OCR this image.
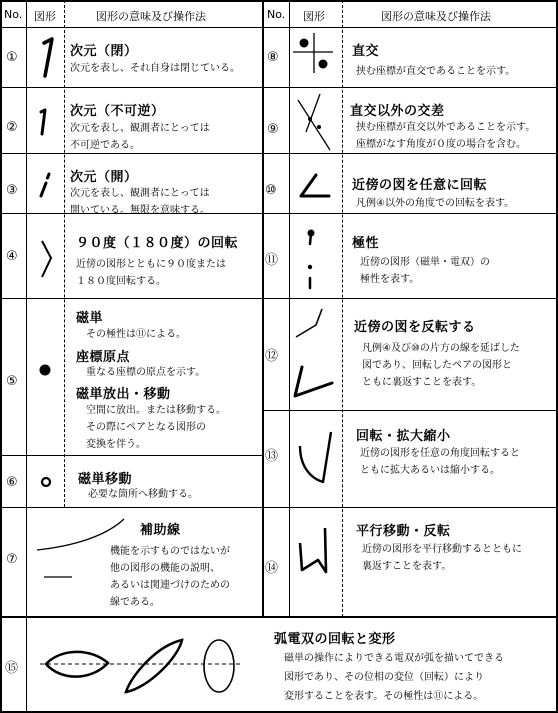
No. 図形	図形の意味及び操作法	No. 図形	図形の意味及び操作法
①	次元（閉）
次元を表し、それ自身は閉じている。
②
次元（不可逆）
次元を表し、観測者にとっては
不可逆である。
③
次元（開）
次元を表し、観測者にとっては
開いている。無限を意味する。
④
９０度（１８０度）の回転
近傍の図形とともに９０度または
１８０度回転する。
⑤
磁単
その極性は⑪による。
座標原点
重なる座標の原点を示す。
磁単放出・移動
空間に放出。または移動する。
その際にペアとなる図形の
変換を伴う。
⑥	磁単移動
必要な箇所へ移動する。
⑦
補助線
機能を示すものではないが
他の図形の機能の説明、
あるいは関連づけのための
線である。
⑧	直交
挟む座標が直交であることを示す。
⑨
直交以外の交差
挟む座標が直交以外であることを示す。
座標がなす角度が０度の場合を含む。
⑩	近傍の図を任意に回転
凡例④以外の角度での回転を表す。
⑪
極性
近傍の図形（磁単・電双）の
極性を表す。
⑫
近傍の図を反転する
凡例④及び⑩の片方の線を延ばした
図であり、回転したペアの図形と
ともに裏返すことを表す。
⑬
回転・拡大縮小
近傍の図形を任意の角度回転すると
ともに拡大あるいは縮小する。
⑭
平行移動・反転
近傍の図形を平行移動するとともに
裏返すことを表す。
⑮
弧電双の回転と変形
磁単の操作によりできる電双が弧を描いてできる
図形であり、その位相の変位（回転）により
変形することを表す。その極性は⑪による。
